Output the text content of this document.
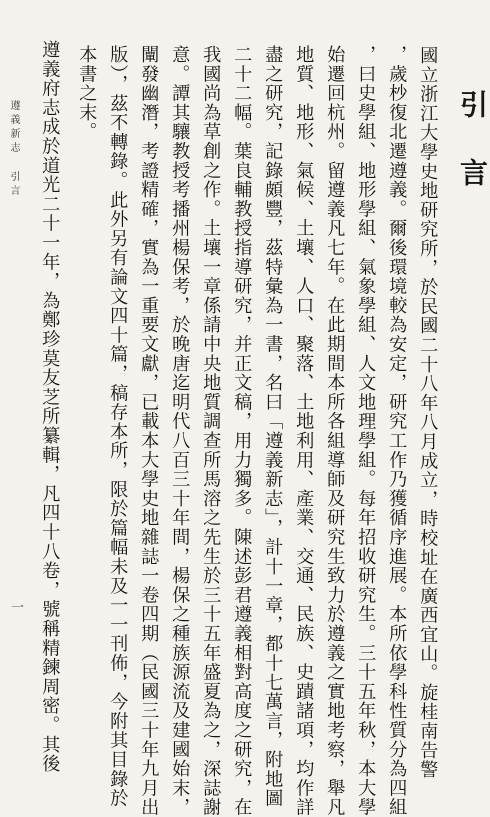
引言
國立浙江大學史地研究所，於民國二十八年八月成立，時校址在廣西宜山。旋桂南告警
，歲杪復北遷遵義。爾後環境較為安定，研究工作乃獲循序進展。本所依學科性質分為四組
，曰史學組、地形學組、氣象學組、人文地理學組。每年招收研究生。三十五年秋，本大學
始遷回杭州。留遵義凡七年。在此期間本所各組導師及研究生致力於遵義之實地考察，舉凡
地質、地形、氣候、土壤、人口、聚落、土地利用、產業、交通、民族、史蹟諸項，均作詳
盡之研究，記錄頗豐，茲特彙為一書，名曰「遵義新志」，計十一章，都十七萬言，附地圖
二十二幅。葉良輔教授指導研究，并正文稿，用力獨多。陳述彭君遵義相對高度之研究，在
我國尚為草創之作。土壤一章係請中央地質調查所馬溶之先生於三十五年盛夏為之，深誌謝
意。譚其驤教授考播州楊保考，於晚唐迄明代八百三十年間，楊保之種族源流及建國始末，
闡發幽潛，考證精確，實為一重要文獻，已載本大學史地雜誌一卷四期（民國三十年九月出
版），茲不轉錄。此外另有論文四十篇，稿存本所，限於篇幅未及一一刊佈，今附其目錄於
本書之末。
遵義府志成於道光二十一年，為鄭珍莫友芝所纂輯，凡四十八卷，號稱精鍊周密。其後
遵義新志 引言
一
